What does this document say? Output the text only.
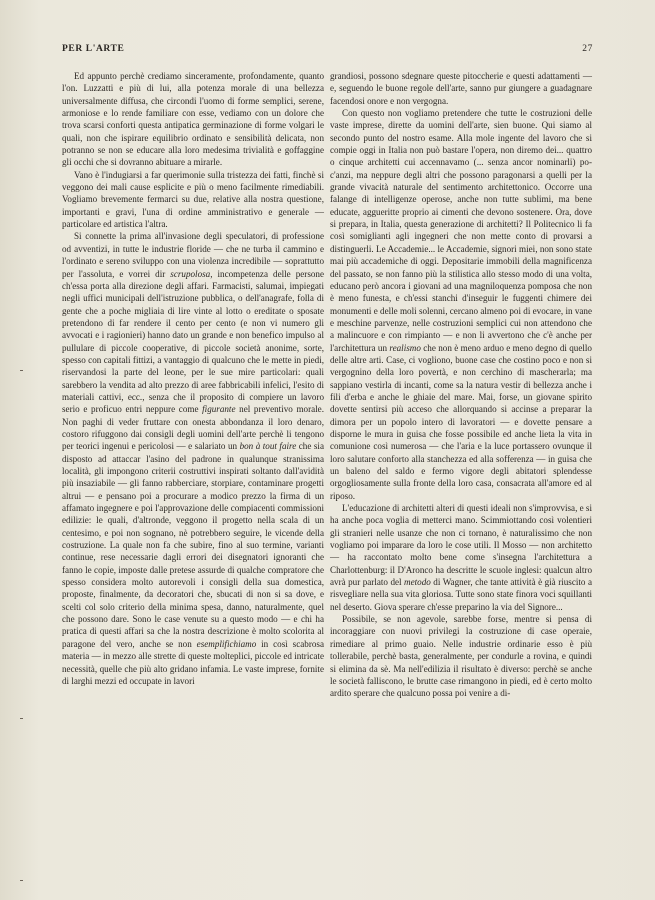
PER L'ARTE	27

Ed appunto perchè crediamo sinceramente, profondamente, quanto l'on. Luzzatti e più di lui, alla potenza morale di una bellezza universalmente diffusa, che circondi l'uomo di forme semplici, serene, armoniose e lo rende familiare con esse, vediamo con un dolore che trova scarsi conforti questa antipatica germinazione di forme volgari le quali, non che ispirare equilibrio ordinato e sensibilità delicata, non potranno se non se educare alla loro medesima trivialità e goffaggine gli occhi che si dovranno abituare a mirarle.

Vano è l'indugiarsi a far querimonie sulla tristezza dei fatti, finchè si veggono dei mali cause esplicite e più o meno facilmente rimediabili. Vogliamo brevemente fermarci su due, relative alla nostra questione, importanti e gravi, l'una di ordine amministrativo e generale — particolare ed artistica l'altra.

Si connette la prima all'invasione degli speculatori, di professione od avventizi, in tutte le industrie floride — che ne turba il cammino e l'ordinato e sereno sviluppo con una violenza incredibile — soprattutto per l'assoluta, e vorrei dir scrupolosa, incompetenza delle persone ch'essa porta alla direzione degli affari. Farmacisti, salumai, impiegati negli uffici municipali dell'istruzione pubblica, o dell'anagrafe, folla di gente che a poche migliaia di lire vinte al lotto o ereditate o sposate pretendono di far rendere il cento per cento (e non vi numero gli avvocati e i ragionieri) hanno dato un grande e non benefico impulso al pullulare di piccole cooperative, di piccole società anonime, sorte, spesso con capitali fittizi, a vantaggio di qualcuno che le mette in piedi, riservandosi la parte del leone, per le sue mire particolari: quali sarebbero la vendita ad alto prezzo di aree fabbricabili infelici, l'esito di materiali cattivi, ecc., senza che il proposito di compiere un lavoro serio e proficuo entri neppure come figurante nel preventivo morale. Non paghi di veder fruttare con onesta abbondanza il loro denaro, costoro rifuggono dai consigli degli uomini dell'arte perchè li tengono per teorici ingenui e pericolosi — e salariato un bon à tout faire che sia disposto ad attaccar l'asino del padrone in qualunque stranissima località, gli impongono criterii costruttivi inspirati soltanto dall'avidità più insaziabile — gli fanno rabberciare, storpiare, contaminare progetti altrui — e pensano poi a procurare a modico prezzo la firma di un affamato ingegnere e poi l'approvazione delle compiacenti commissioni edilizie: le quali, d'altronde, veggono il progetto nella scala di un centesimo, e poi non sognano, nè potrebbero seguire, le vicende della costruzione. La quale non fa che subire, fino al suo termine, varianti continue, rese necessarie dagli errori dei disegnatori ignoranti che fanno le copie, imposte dalle pretese assurde di qualche compratore che spesso considera molto autorevoli i consigli della sua domestica, proposte, finalmente, da decoratori che, sbucati di non si sa dove, e scelti col solo criterio della minima spesa, danno, naturalmente, quel che possono dare. Sono le case venute su a questo modo — e chi ha pratica di questi affari sa che la nostra descrizione è molto scolorita al paragone del vero, anche se non esemplifichiamo in così scabrosa materia — in mezzo alle strette di queste molteplici, piccole ed intricate necessità, quelle che più alto gridano infamia. Le vaste imprese, fornite di larghi mezzi ed occupate in lavori

grandiosi, possono sdegnare queste pitoccherie e questi adattamenti — e, seguendo le buone regole dell'arte, sanno pur giungere a guadagnare facendosi onore e non vergogna.

Con questo non vogliamo pretendere che tutte le costruzioni delle vaste imprese, dirette da uomini dell'arte, sien buone. Qui siamo al secondo punto del nostro esame. Alla mole ingente del lavoro che si compie oggi in Italia non può bastare l'opera, non diremo dei... quattro o cinque architetti cui accennavamo (... senza ancor nominarli) po-c'anzi, ma neppure degli altri che possono paragonarsi a quelli per la grande vivacità naturale del sentimento architettonico. Occorre una falange di intelligenze operose, anche non tutte sublimi, ma bene educate, aggueritte proprio ai cimenti che devono sostenere. Ora, dove si prepara, in Italia, questa generazione di architetti? Il Politecnico li fa così somiglianti agli ingegneri che non mette conto di provarsi a distinguerli. Le Accademie... le Accademie, signori miei, non sono state mai più accademiche di oggi. Depositarie immobili della magnificenza del passato, se non fanno più la stilistica allo stesso modo di una volta, educano però ancora i giovani ad una magniloquenza pomposa che non è meno funesta, e ch'essi stanchi d'inseguir le fuggenti chimere dei monumenti e delle moli solenni, cercano almeno poi di evocare, in vane e meschine parvenze, nelle costruzioni semplici cui non attendono che a malincuore e con rimpianto — e non li avvertono che c'è anche per l'architettura un realismo che non è meno arduo e meno degno di quello delle altre arti. Case, ci vogliono, buone case che costino poco e non si vergognino della loro povertà, e non cerchino di mascherarla; ma sappiano vestirla di incanti, come sa la natura vestir di bellezza anche i fili d'erba e anche le ghiaie del mare. Mai, forse, un giovane spirito dovette sentirsi più acceso che allorquando si accinse a preparar la dimora per un popolo intero di lavoratori — e dovette pensare a disporne le mura in guisa che fosse possibile ed anche lieta la vita in comunione così numerosa — che l'aria e la luce portassero ovunque il loro salutare conforto alla stanchezza ed alla sofferenza — in guisa che un baleno del saldo e fermo vigore degli abitatori splendesse orgogliosamente sulla fronte della loro casa, consacrata all'amore ed al riposo.

L'educazione di architetti alteri di questi ideali non s'improvvisa, e si ha anche poca voglia di metterci mano. Scimmiottando così volentieri gli stranieri nelle usanze che non ci tornano, è naturalissimo che non vogliamo poi imparare da loro le cose utili. Il Mosso — non architetto — ha raccontato molto bene come s'insegna l'architettura a Charlottenburg: il D'Aronco ha descritte le scuole inglesi: qualcun altro avrà pur parlato del metodo di Wagner, che tante attività è già riuscito a risvegliare nella sua vita gloriosa. Tutte sono state finora voci squillanti nel deserto. Giova sperare ch'esse preparino la via del Signore...

Possibile, se non agevole, sarebbe forse, mentre si pensa di incoraggiare con nuovi privilegi la costruzione di case operaie, rimediare al primo guaio. Nelle industrie ordinarie esso è più tollerabile, perchè basta, generalmente, per condurle a rovina, e quindi si elimina da sè. Ma nell'edilizia il risultato è diverso: perchè se anche le società falliscono, le brutte case rimangono in piedi, ed è certo molto ardito sperare che qualcuno possa poi venire a di-
